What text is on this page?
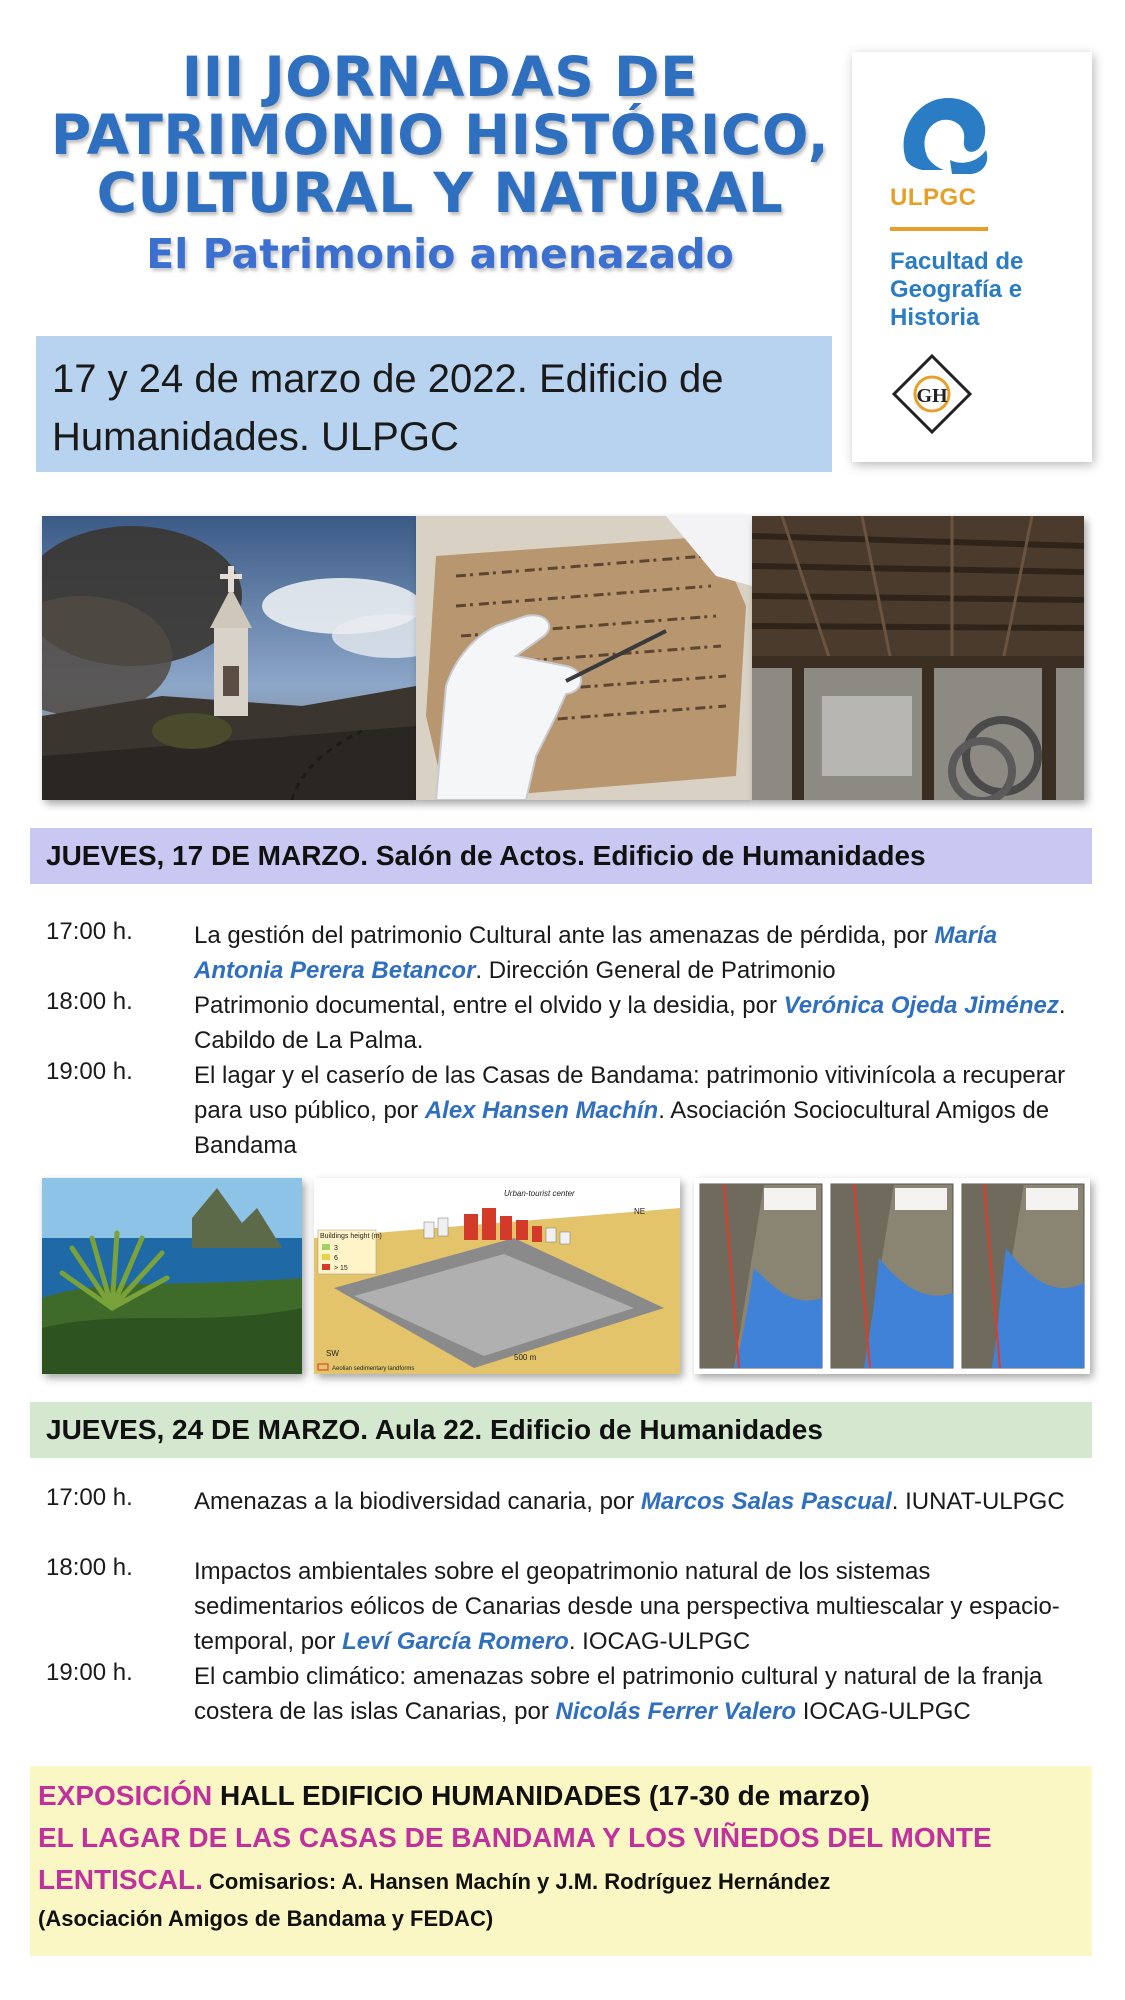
III JORNADAS DE
PATRIMONIO HISTÓRICO,
CULTURAL Y NATURAL
El Patrimonio amenazado
17 y 24 de marzo de 2022. Edificio de
Humanidades. ULPGC
ULPGC
Facultad de
Geografía e
Historia
GH
JUEVES, 17 DE MARZO. Salón de Actos. Edificio de Humanidades
17:00 h.	La gestión del patrimonio Cultural ante las amenazas de pérdida, por María Antonia Perera Betancor. Dirección General de Patrimonio
18:00 h.	Patrimonio documental, entre el olvido y la desidia, por Verónica Ojeda Jiménez. Cabildo de La Palma.
19:00 h.	El lagar y el caserío de las Casas de Bandama: patrimonio vitivinícola a recuperar para uso público, por Alex Hansen Machín. Asociación Sociocultural Amigos de Bandama
Buildings height (m)
3
6
> 15
Urban-tourist center
NE
SW	500 m
Aeolian sedimentary landforms
JUEVES, 24 DE MARZO. Aula 22. Edificio de Humanidades
17:00 h.	Amenazas a la biodiversidad canaria, por Marcos Salas Pascual. IUNAT-ULPGC
18:00 h.	Impactos ambientales sobre el geopatrimonio natural de los sistemas sedimentarios eólicos de Canarias desde una perspectiva multiescalar y espacio-temporal, por Leví García Romero. IOCAG-ULPGC
19:00 h.	El cambio climático: amenazas sobre el patrimonio cultural y natural de la franja costera de las islas Canarias, por Nicolás Ferrer Valero IOCAG-ULPGC
EXPOSICIÓN HALL EDIFICIO HUMANIDADES (17-30 de marzo)
EL LAGAR DE LAS CASAS DE BANDAMA Y LOS VIÑEDOS DEL MONTE
LENTISCAL. Comisarios: A. Hansen Machín y J.M. Rodríguez Hernández
(Asociación Amigos de Bandama y FEDAC)
